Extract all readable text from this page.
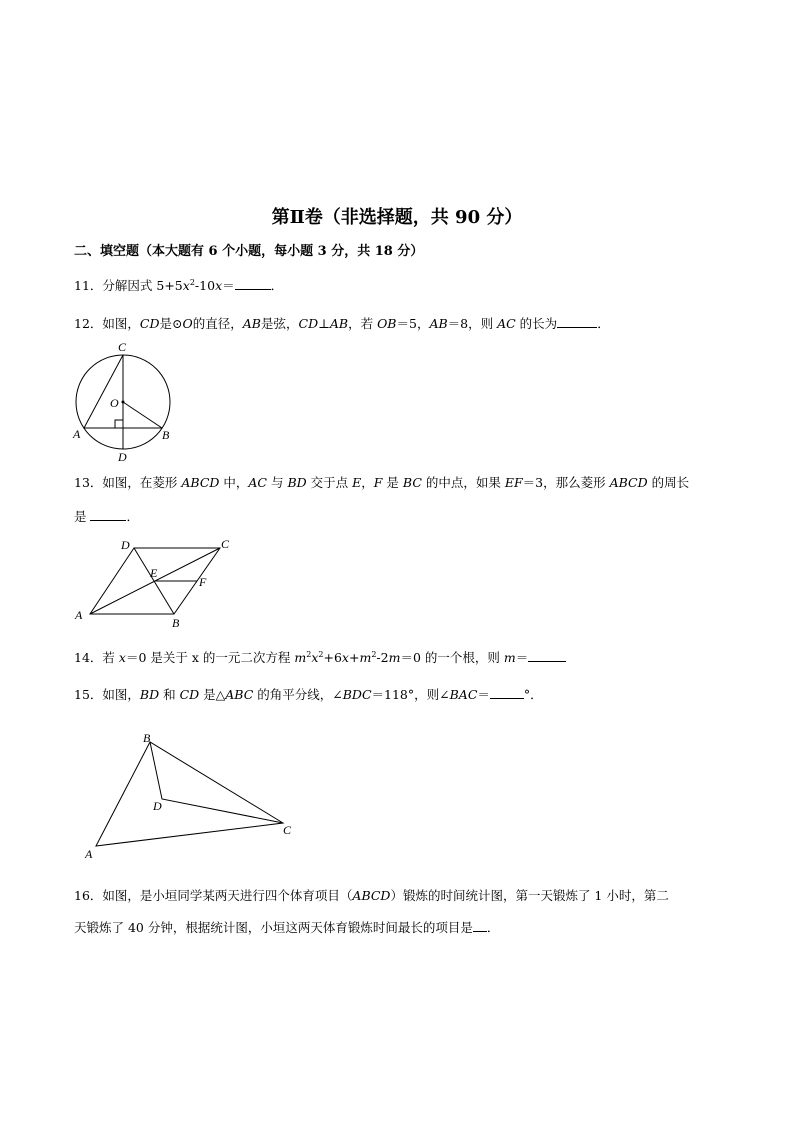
第Ⅱ卷（非选择题，共 90 分）
二、填空题（本大题有 6 个小题，每小题 3 分，共 18 分）
11．分解因式 $5+5x^2-10x=$	．
12．如图，CD是⊙O的直径，AB是弦，CD⊥AB，若 OB＝5，AB＝8，则 AC 的长为	．
C
O
A	B
D
13．如图，在菱形 ABCD 中，AC 与 BD 交于点 E，F 是 BC 的中点，如果 EF＝3，那么菱形 ABCD 的周长
是	．
D	C
E
F
A
B
14．若 x＝0 是关于 x 的一元二次方程 $m^2x^2+6x+m^2-2m=0$ 的一个根，则 m＝
15．如图，BD 和 CD 是△ABC 的角平分线，∠BDC＝118°，则∠BAC＝	°．
B
D
C
A
16．如图，是小垣同学某两天进行四个体育项目（ABCD）锻炼的时间统计图，第一天锻炼了 1 小时，第二
天锻炼了 40 分钟，根据统计图，小垣这两天体育锻炼时间最长的项目是 ．
